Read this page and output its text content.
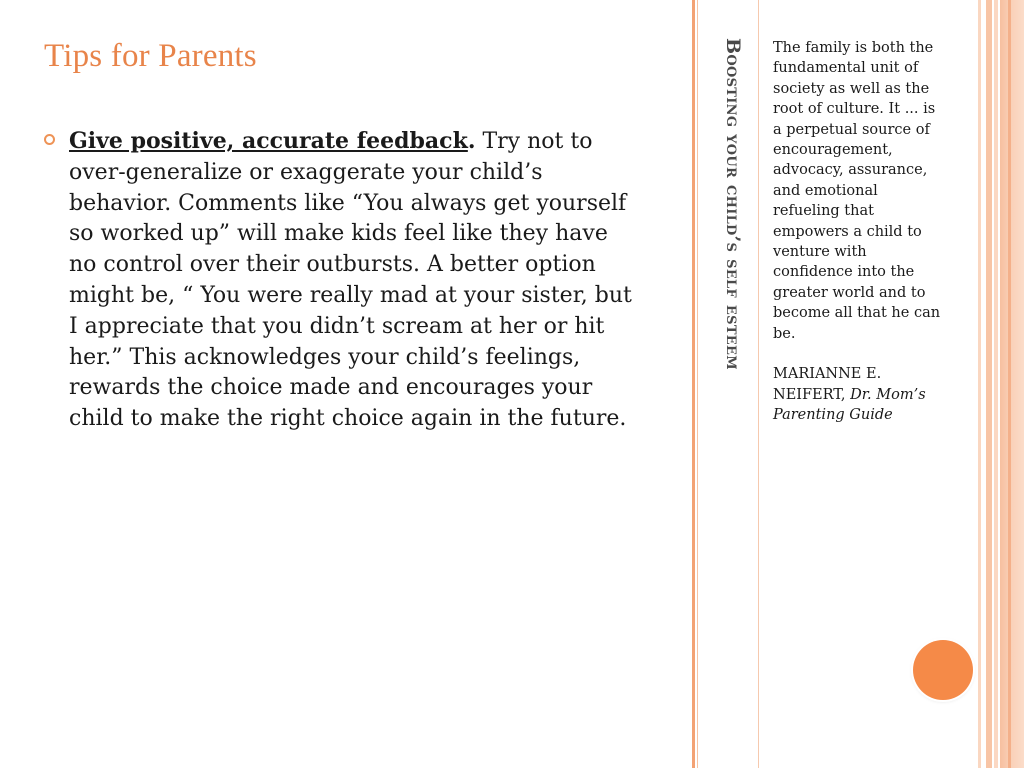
Tips for Parents
Give positive, accurate feedback. Try not to over-generalize or exaggerate your child’s behavior. Comments like “You always get yourself so worked up” will make kids feel like they have no control over their outbursts. A better option might be, “ You were really mad at your sister, but I appreciate that you didn’t scream at her or hit her.” This acknowledges your child’s feelings, rewards the choice made and encourages your child to make the right choice again in the future.
Boosting your child’s self esteem The family is both the fundamental unit of society as well as the root of culture. It ... is a perpetual source of encouragement, advocacy, assurance, and emotional refueling that empowers a child to venture with confidence into the greater world and to become all that he can be.

MARIANNE E. NEIFERT, Dr. Mom’s Parenting Guide
